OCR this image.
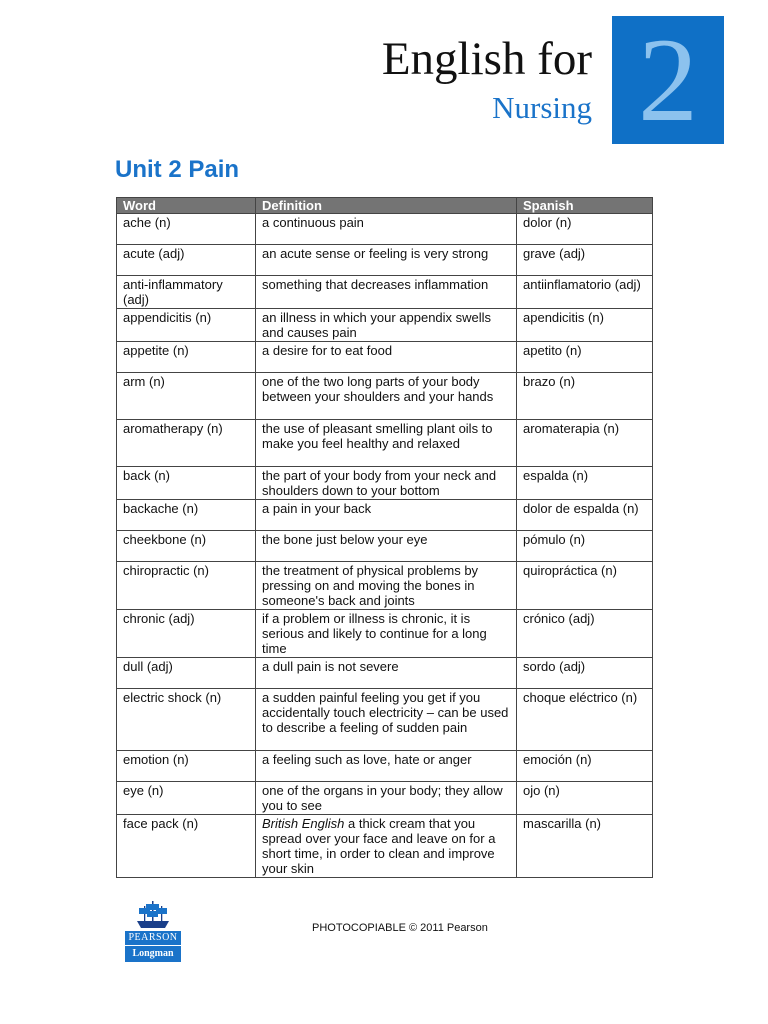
English for
Nursing 2
Unit 2 Pain
Word	Definition	Spanish
ache (n)	a continuous pain	dolor (n)
acute (adj)	an acute sense or feeling is very strong	grave (adj)
anti-inflammatory (adj)	something that decreases inflammation	antiinflamatorio (adj)
appendicitis (n)	an illness in which your appendix swells and causes pain	apendicitis (n)
appetite (n)	a desire for to eat food	apetito (n)
arm (n)	one of the two long parts of your body between your shoulders and your hands	brazo (n)
aromatherapy (n)	the use of pleasant smelling plant oils to make you feel healthy and relaxed	aromaterapia (n)
back (n)	the part of your body from your neck and shoulders down to your bottom	espalda (n)
backache (n)	a pain in your back	dolor de espalda (n)
cheekbone (n)	the bone just below your eye	pómulo (n)
chiropractic (n)	the treatment of physical problems by pressing on and moving the bones in someone's back and joints	quiropráctica (n)
chronic (adj)	if a problem or illness is chronic, it is serious and likely to continue for a long time	crónico (adj)
dull (adj)	a dull pain is not severe	sordo (adj)
electric shock (n)	a sudden painful feeling you get if you accidentally touch electricity – can be used to describe a feeling of sudden pain	choque eléctrico (n)
emotion (n)	a feeling such as love, hate or anger	emoción (n)
eye (n)	one of the organs in your body; they allow you to see	ojo (n)
face pack (n)	British English a thick cream that you spread over your face and leave on for a short time, in order to clean and improve your skin	mascarilla (n)
PEARSON
Longman
PHOTOCOPIABLE © 2011 Pearson
